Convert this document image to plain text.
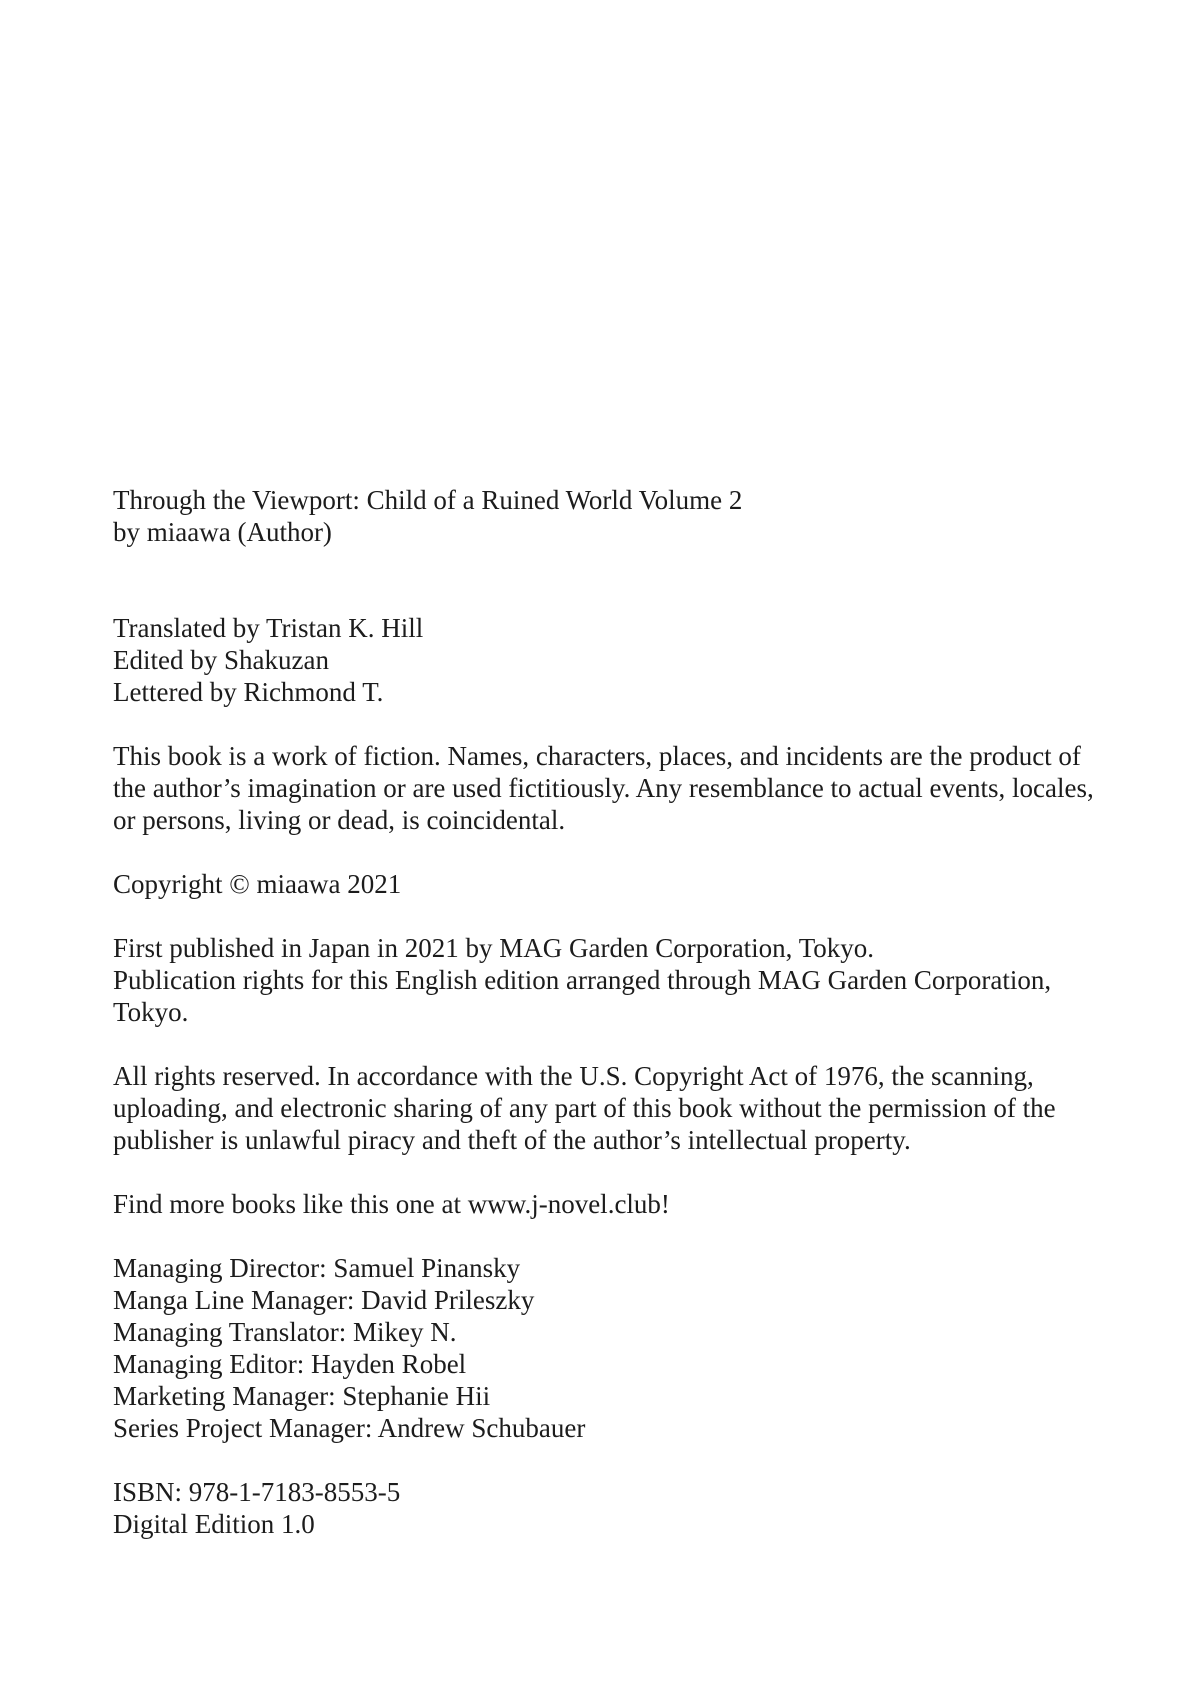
Through the Viewport: Child of a Ruined World Volume 2
by miaawa (Author)
Translated by Tristan K. Hill
Edited by Shakuzan
Lettered by Richmond T.
This book is a work of fiction. Names, characters, places, and incidents are the product of
the author’s imagination or are used fictitiously. Any resemblance to actual events, locales,
or persons, living or dead, is coincidental.
Copyright © miaawa 2021
First published in Japan in 2021 by MAG Garden Corporation, Tokyo.
Publication rights for this English edition arranged through MAG Garden Corporation,
Tokyo.
All rights reserved. In accordance with the U.S. Copyright Act of 1976, the scanning,
uploading, and electronic sharing of any part of this book without the permission of the
publisher is unlawful piracy and theft of the author’s intellectual property.
Find more books like this one at www.j-novel.club!
Managing Director: Samuel Pinansky
Manga Line Manager: David Prileszky
Managing Translator: Mikey N.
Managing Editor: Hayden Robel
Marketing Manager: Stephanie Hii
Series Project Manager: Andrew Schubauer
ISBN: 978-1-7183-8553-5
Digital Edition 1.0
